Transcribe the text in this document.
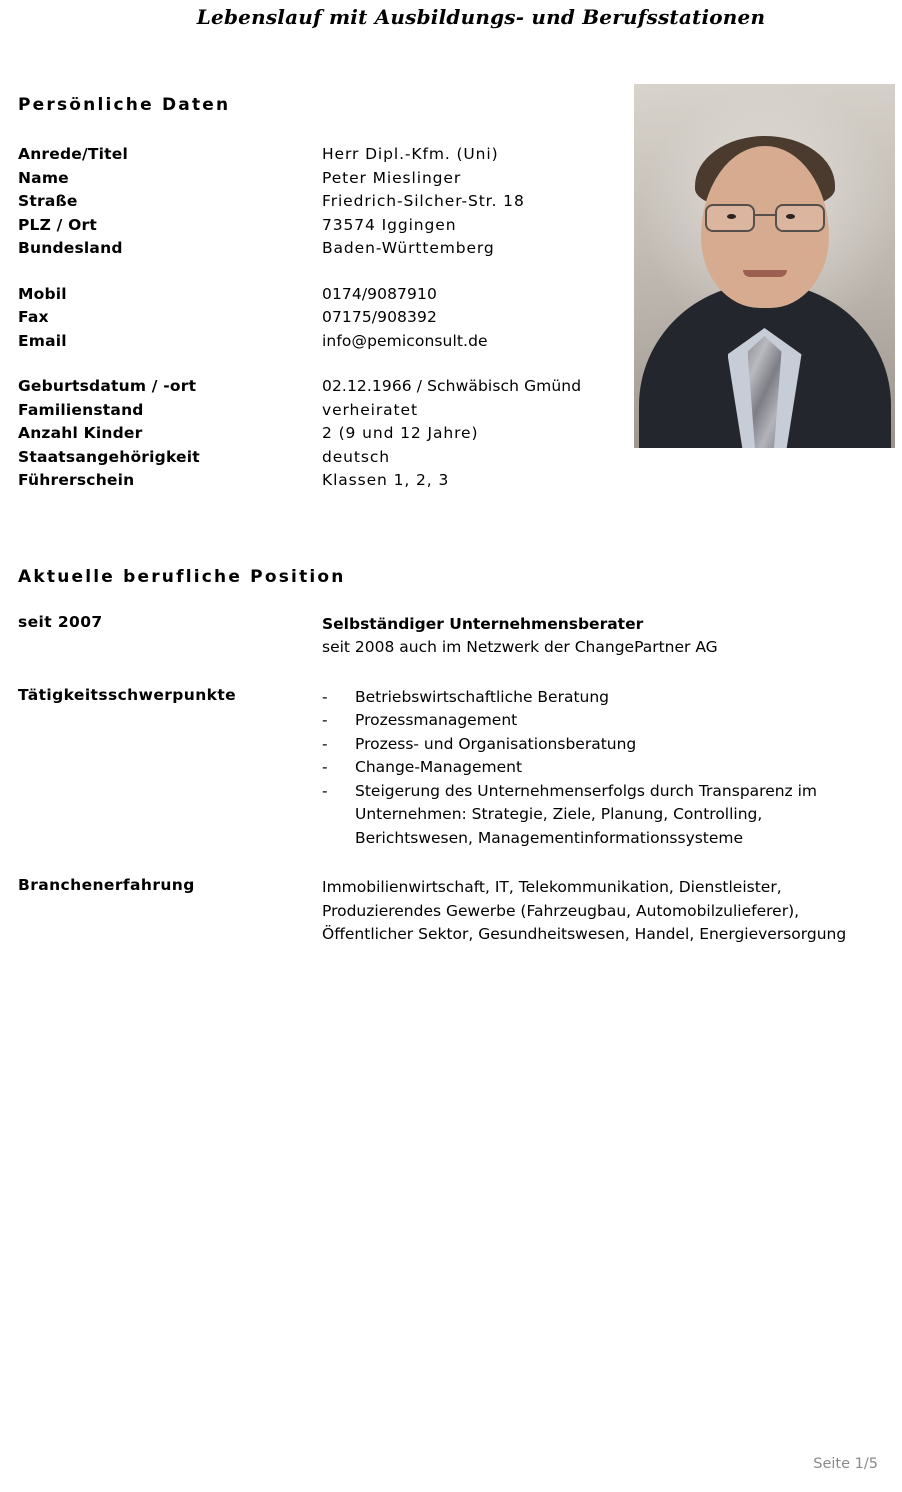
Lebenslauf mit Ausbildungs- und Berufsstationen
Persönliche Daten
Anrede/Titel	Herr Dipl.-Kfm. (Uni)
Name	Peter Mieslinger
Straße	Friedrich-Silcher-Str. 18
PLZ / Ort	73574 Iggingen
Bundesland	Baden-Württemberg
Mobil	0174/9087910
Fax	07175/908392
Email	info@pemiconsult.de
Geburtsdatum / -ort	02.12.1966 / Schwäbisch Gmünd
Familienstand	verheiratet
Anzahl Kinder	2 (9 und 12 Jahre)
Staatsangehörigkeit	deutsch
Führerschein	Klassen 1, 2, 3
Aktuelle berufliche Position
seit 2007	Selbständiger Unternehmensberater
seit 2008 auch im Netzwerk der ChangePartner AG
Tätigkeitsschwerpunkte	-	Betriebswirtschaftliche Beratung
-	Prozessmanagement
-	Prozess- und Organisationsberatung
-	Change-Management
-	Steigerung des Unternehmenserfolgs durch Transparenz im Unternehmen: Strategie, Ziele, Planung, Controlling, Berichtswesen, Managementinformationssysteme
Branchenerfahrung	Immobilienwirtschaft, IT, Telekommunikation, Dienstleister, Produzierendes Gewerbe (Fahrzeugbau, Automobilzulieferer), Öffentlicher Sektor, Gesundheitswesen, Handel, Energieversorgung
Seite 1/5
